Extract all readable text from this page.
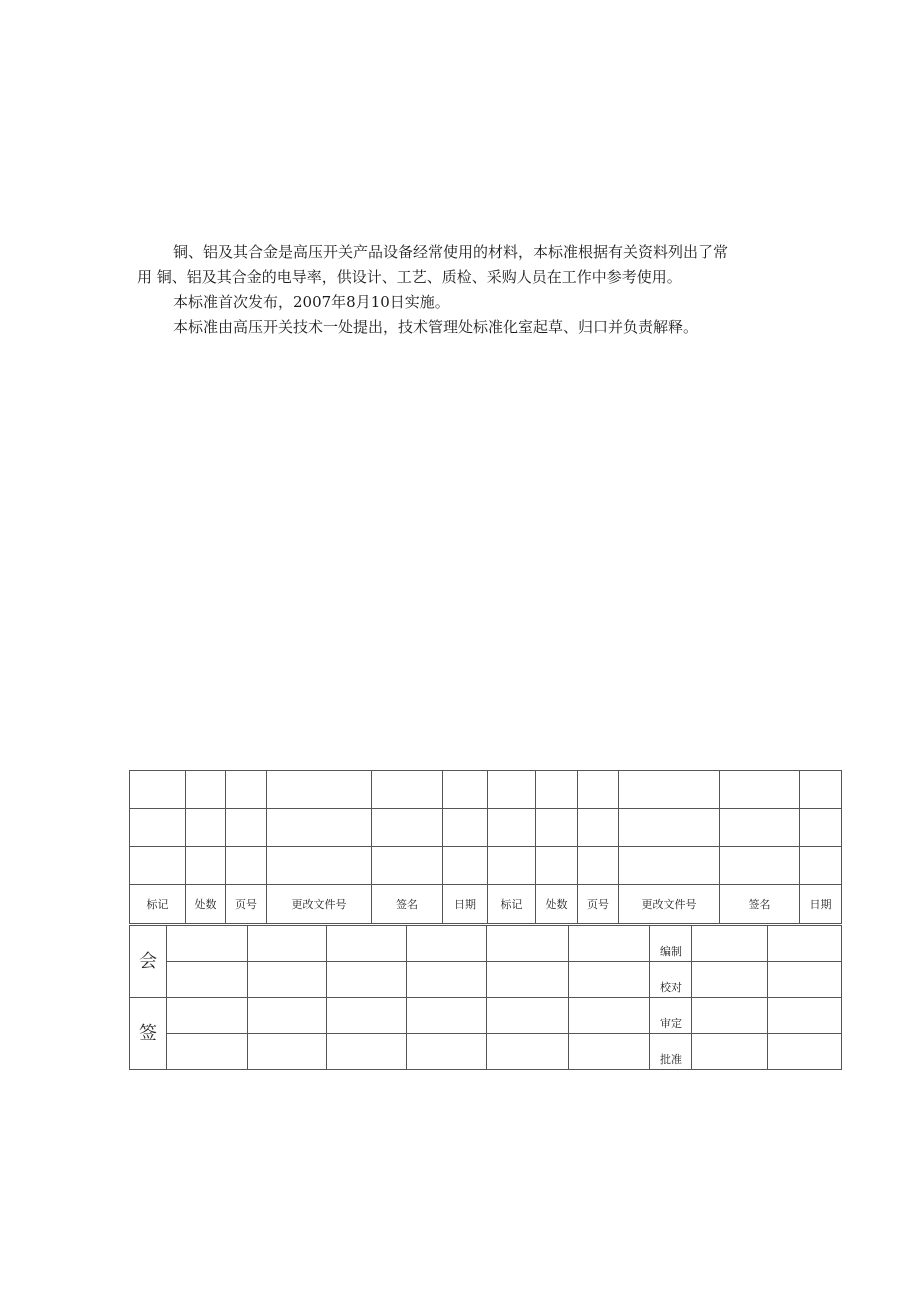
铜、铝及其合金是高压开关产品设备经常使用的材料，本标准根据有关资料列出了常

用 铜、铝及其合金的电导率，供设计、工艺、质检、采购人员在工作中参考使用。

本标准首次发布，2007年8月10日实施。

本标准由高压开关技术一处提出，技术管理处标准化室起草、归口并负责解释。

标记	处数	页号	更改文件号	签名	日期	标记	处数	页号	更改文件号	签名	日期
会							编制		
							校对		
签							审定		
							批准		
